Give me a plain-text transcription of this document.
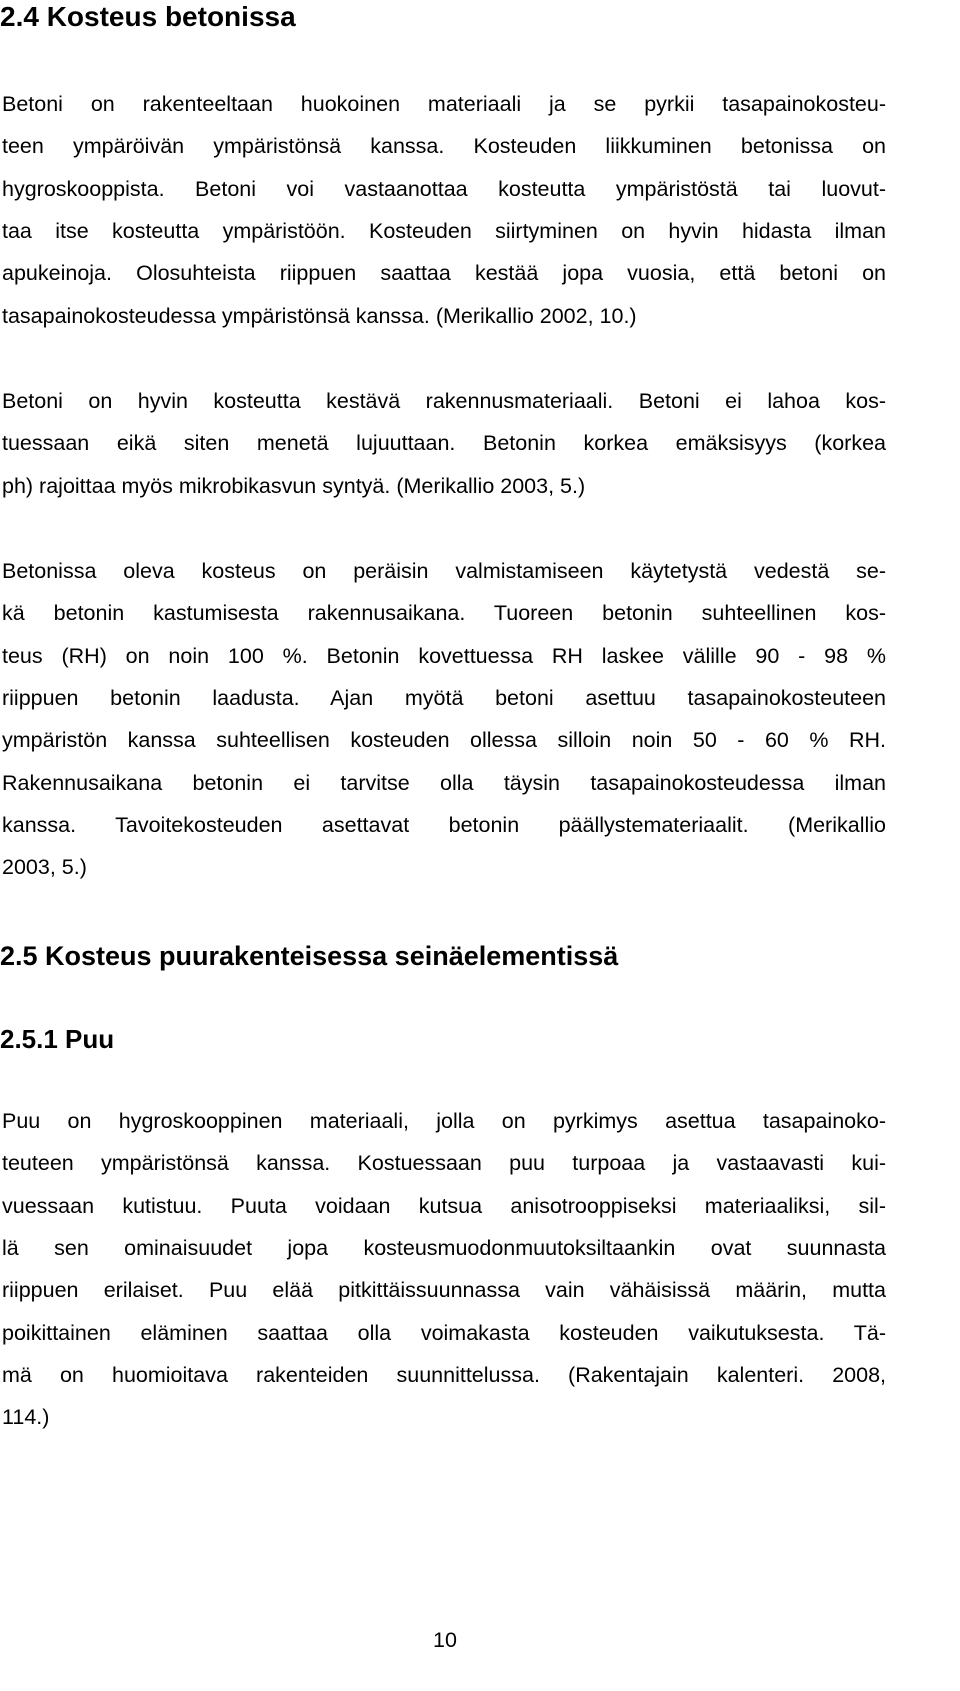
2.4 Kosteus betonissa
Betoni on rakenteeltaan huokoinen materiaali ja se pyrkii tasapainokosteu-
teen ympäröivän ympäristönsä kanssa. Kosteuden liikkuminen betonissa on
hygroskooppista. Betoni voi vastaanottaa kosteutta ympäristöstä tai luovut-
taa itse kosteutta ympäristöön. Kosteuden siirtyminen on hyvin hidasta ilman
apukeinoja. Olosuhteista riippuen saattaa kestää jopa vuosia, että betoni on
tasapainokosteudessa ympäristönsä kanssa. (Merikallio 2002, 10.)
Betoni on hyvin kosteutta kestävä rakennusmateriaali. Betoni ei lahoa kos-
tuessaan eikä siten menetä lujuuttaan. Betonin korkea emäksisyys (korkea
ph) rajoittaa myös mikrobikasvun syntyä. (Merikallio 2003, 5.)
Betonissa oleva kosteus on peräisin valmistamiseen käytetystä vedestä se-
kä betonin kastumisesta rakennusaikana. Tuoreen betonin suhteellinen kos-
teus (RH) on noin 100 %. Betonin kovettuessa RH laskee välille 90 - 98 %
riippuen betonin laadusta. Ajan myötä betoni asettuu tasapainokosteuteen
ympäristön kanssa suhteellisen kosteuden ollessa silloin noin 50 - 60 % RH.
Rakennusaikana betonin ei tarvitse olla täysin tasapainokosteudessa ilman
kanssa. Tavoitekosteuden asettavat betonin päällystemateriaalit. (Merikallio
2003, 5.)
2.5 Kosteus puurakenteisessa seinäelementissä
2.5.1 Puu
Puu on hygroskooppinen materiaali, jolla on pyrkimys asettua tasapainoko-
teuteen ympäristönsä kanssa. Kostuessaan puu turpoaa ja vastaavasti kui-
vuessaan kutistuu. Puuta voidaan kutsua anisotrooppiseksi materiaaliksi, sil-
lä sen ominaisuudet jopa kosteusmuodonmuutoksiltaankin ovat suunnasta
riippuen erilaiset. Puu elää pitkittäissuunnassa vain vähäisissä määrin, mutta
poikittainen eläminen saattaa olla voimakasta kosteuden vaikutuksesta. Tä-
mä on huomioitava rakenteiden suunnittelussa. (Rakentajain kalenteri. 2008,
114.)
10
